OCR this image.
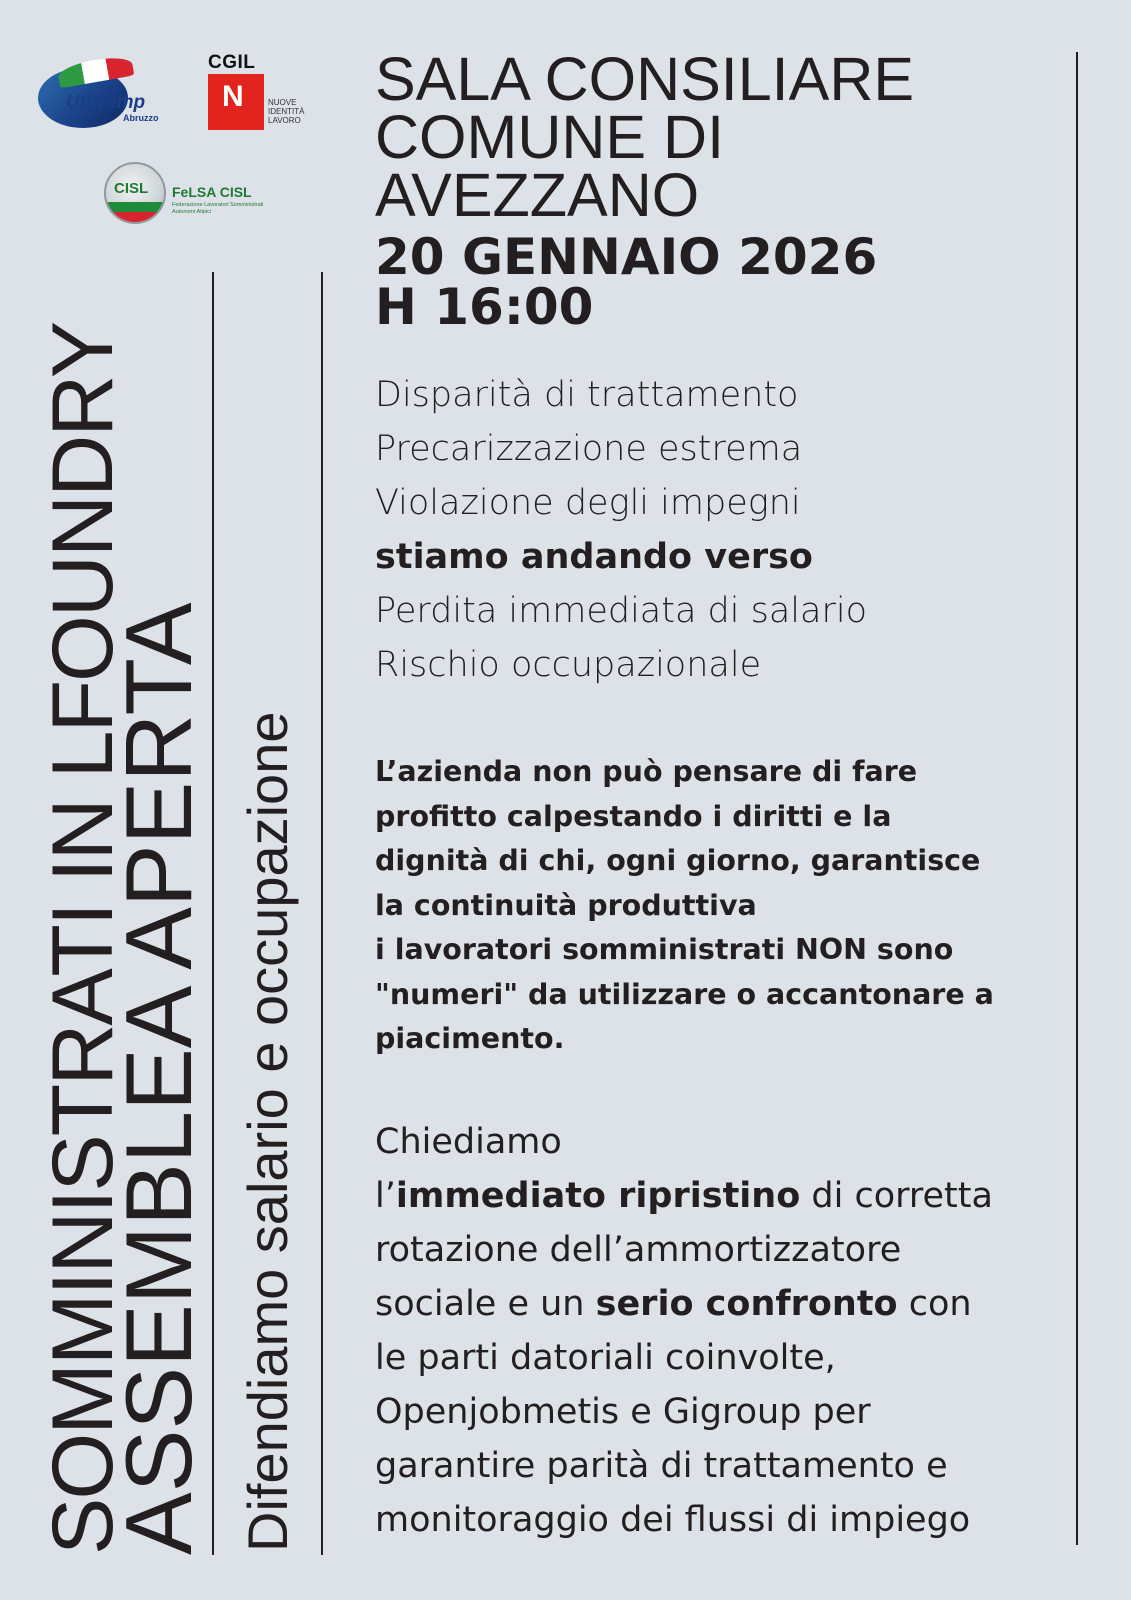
UILTemp
Abruzzo
CGIL
N	NUOVE IDENTITÀ LAVORO
CISL FeLSA CISL
Federazione Lavoratori Somministrati Autonomi Atipici
SOMMINISTRATI IN LFOUNDRY
ASSEMBLEA APERTA Difendiamo salario e occupazione
SALA CONSILIARE
COMUNE DI
AVEZZANO
20 GENNAIO 2026
H 16:00
Disparità di trattamento
Precarizzazione estrema
Violazione degli impegni
stiamo andando verso
Perdita immediata di salario
Rischio occupazionale
L’azienda non può pensare di fare
profitto calpestando i diritti e la
dignità di chi, ogni giorno, garantisce
la continuità produttiva
i lavoratori somministrati NON sono
"numeri" da utilizzare o accantonare a
piacimento.
Chiediamo
l’immediato ripristino di corretta
rotazione dell’ammortizzatore
sociale e un serio confronto con
le parti datoriali coinvolte,
Openjobmetis e Gigroup per
garantire parità di trattamento e
monitoraggio dei flussi di impiego
